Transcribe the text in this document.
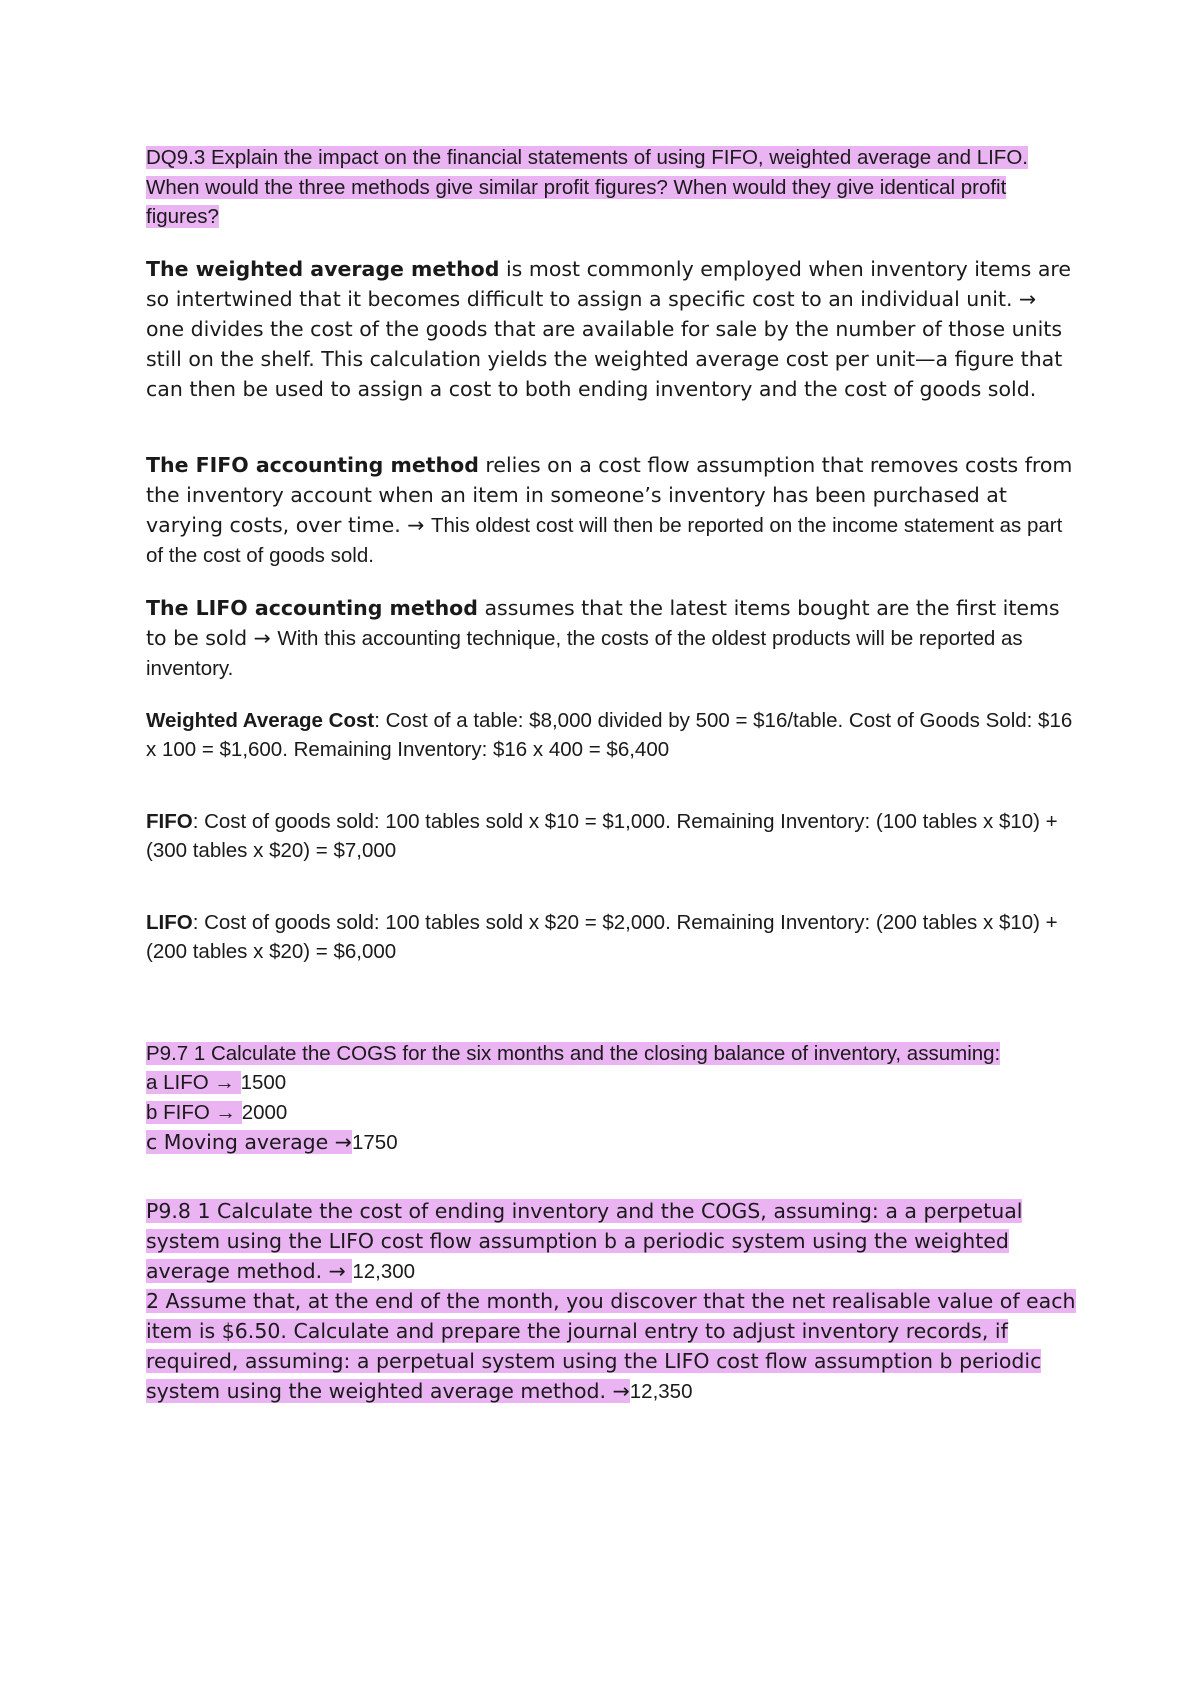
DQ9.3 Explain the impact on the financial statements of using FIFO, weighted average and LIFO. When would the three methods give similar profit figures? When would they give identical profit figures?

The weighted average method is most commonly employed when inventory items are so intertwined that it becomes difficult to assign a specific cost to an individual unit. → one divides the cost of the goods that are available for sale by the number of those units still on the shelf. This calculation yields the weighted average cost per unit—a figure that can then be used to assign a cost to both ending inventory and the cost of goods sold.

The FIFO accounting method relies on a cost flow assumption that removes costs from the inventory account when an item in someone’s inventory has been purchased at varying costs, over time. → This oldest cost will then be reported on the income statement as part of the cost of goods sold.

The LIFO accounting method assumes that the latest items bought are the first items to be sold → With this accounting technique, the costs of the oldest products will be reported as inventory.

Weighted Average Cost: Cost of a table: $8,000 divided by 500 = $16/table. Cost of Goods Sold: $16 x 100 = $1,600. Remaining Inventory: $16 x 400 = $6,400

FIFO: Cost of goods sold: 100 tables sold x $10 = $1,000. Remaining Inventory: (100 tables x $10) + (300 tables x $20) = $7,000

LIFO: Cost of goods sold: 100 tables sold x $20 = $2,000. Remaining Inventory: (200 tables x $10) + (200 tables x $20) = $6,000

P9.7 1 Calculate the COGS for the six months and the closing balance of inventory, assuming:

a LIFO → 1500

b FIFO → 2000

c Moving average →1750

P9.8 1 Calculate the cost of ending inventory and the COGS, assuming: a a perpetual system using the LIFO cost flow assumption b a periodic system using the weighted average method. → 12,300

2 Assume that, at the end of the month, you discover that the net realisable value of each item is $6.50. Calculate and prepare the journal entry to adjust inventory records, if required, assuming: a perpetual system using the LIFO cost flow assumption b periodic system using the weighted average method. →12,350
